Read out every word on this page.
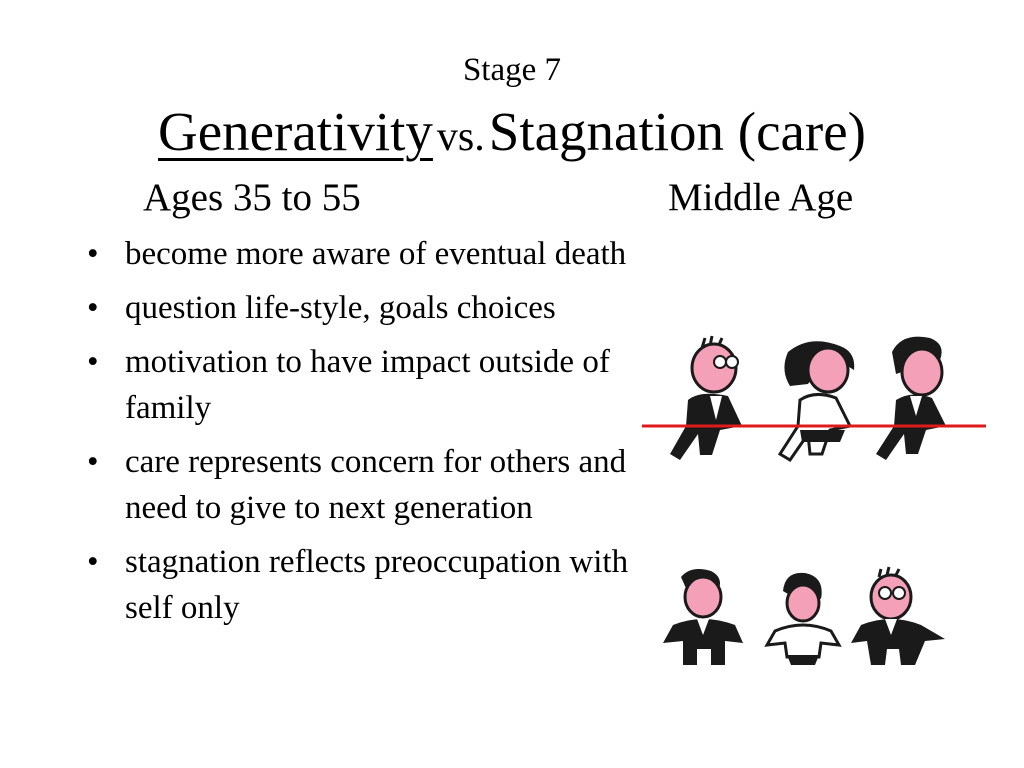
Stage 7
Generativity vs. Stagnation (care)
Ages 35 to 55	Middle Age
• become more aware of eventual death
• question life-style, goals choices
• motivation to have impact outside of family
• care represents concern for others and need to give to next generation
• stagnation reflects preoccupation with self only
